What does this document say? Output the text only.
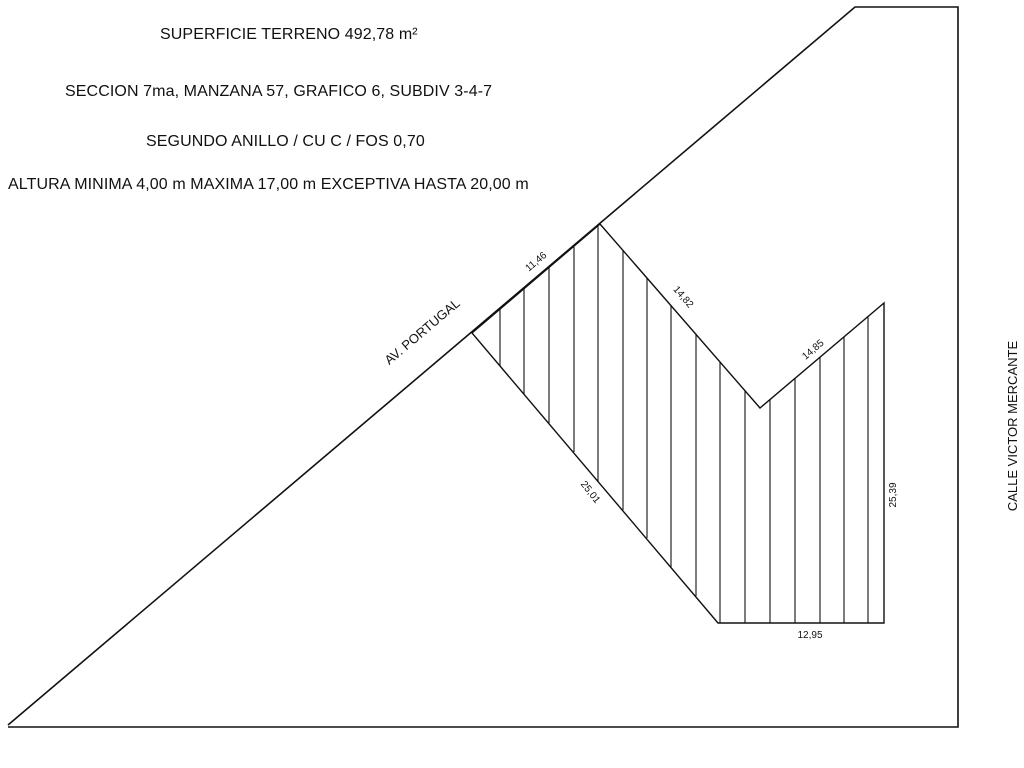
SUPERFICIE TERRENO 492,78 m²
SECCION 7ma, MANZANA 57, GRAFICO 6, SUBDIV 3-4-7
SEGUNDO ANILLO / CU C / FOS 0,70
ALTURA MINIMA 4,00 m MAXIMA 17,00 m EXCEPTIVA HASTA 20,00 m
AV. PORTUGAL
CALLE VICTOR MERCANTE
11,46
14,82
14,85
25,01	25,39
12,95
